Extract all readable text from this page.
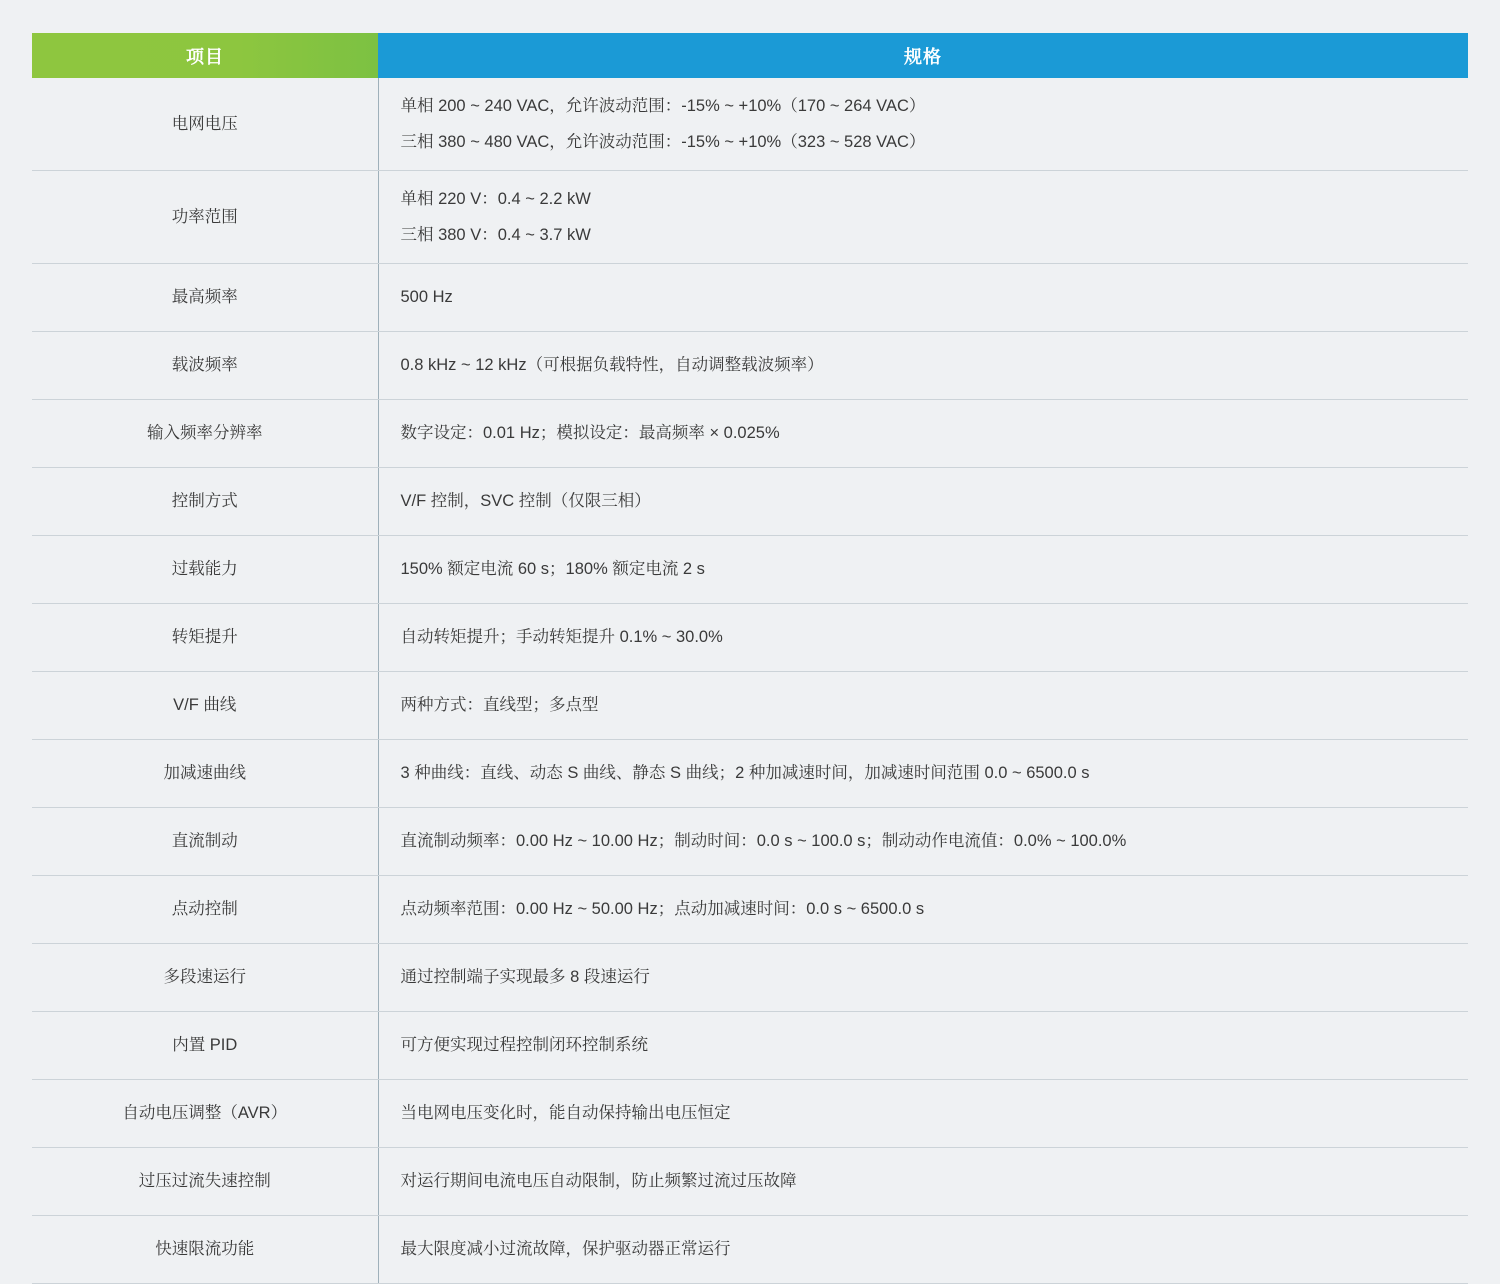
项目	规格
电网电压	单相 200 ~ 240 VAC，允许波动范围：-15% ~ +10%（170 ~ 264 VAC）
三相 380 ~ 480 VAC，允许波动范围：-15% ~ +10%（323 ~ 528 VAC）

功率范围	单相 220 V：0.4 ~ 2.2 kW
三相 380 V：0.4 ~ 3.7 kW

最高频率	500 Hz

载波频率	0.8 kHz ~ 12 kHz（可根据负载特性，自动调整载波频率）

输入频率分辨率	数字设定：0.01 Hz；模拟设定：最高频率 × 0.025%

控制方式	V/F 控制，SVC 控制（仅限三相）

过载能力	150% 额定电流 60 s；180% 额定电流 2 s

转矩提升	自动转矩提升；手动转矩提升 0.1% ~ 30.0%

V/F 曲线	两种方式：直线型；多点型

加减速曲线	3 种曲线：直线、动态 S 曲线、静态 S 曲线；2 种加减速时间，加减速时间范围 0.0 ~ 6500.0 s

直流制动	直流制动频率：0.00 Hz ~ 10.00 Hz；制动时间：0.0 s ~ 100.0 s；制动动作电流值：0.0% ~ 100.0%

点动控制	点动频率范围：0.00 Hz ~ 50.00 Hz；点动加减速时间：0.0 s ~ 6500.0 s

多段速运行	通过控制端子实现最多 8 段速运行

内置 PID	可方便实现过程控制闭环控制系统

自动电压调整（AVR）	当电网电压变化时，能自动保持输出电压恒定

过压过流失速控制	对运行期间电流电压自动限制，防止频繁过流过压故障

快速限流功能	最大限度减小过流故障，保护驱动器正常运行
